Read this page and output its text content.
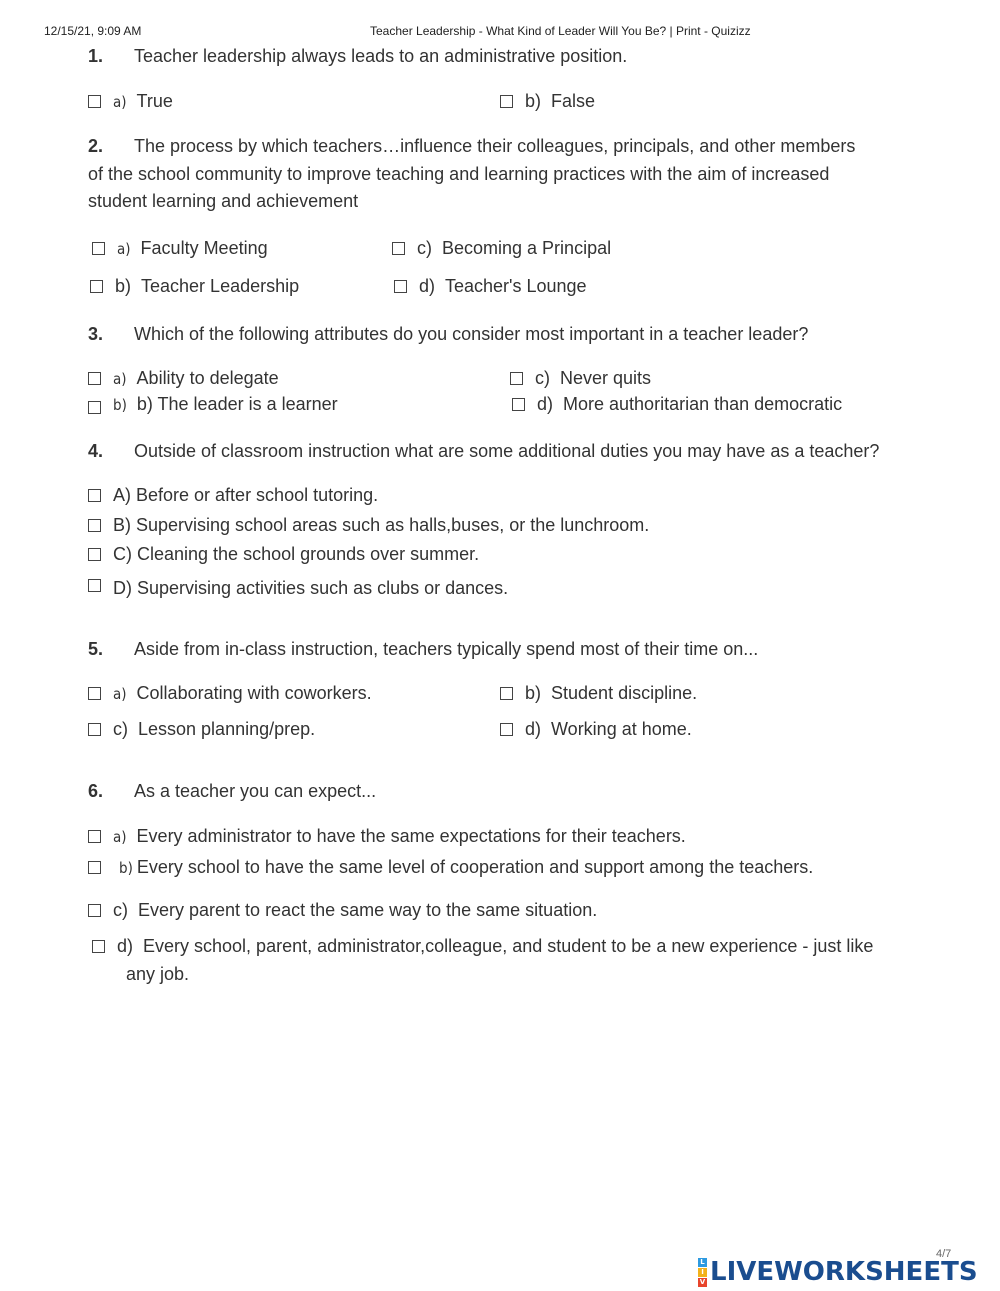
12/15/21, 9:09 AM	Teacher Leadership - What Kind of Leader Will You Be? | Print - Quizizz
1. Teacher leadership always leads to an administrative position.
a) True	b) False
2. The process by which teachers…influence their colleagues, principals, and other members
of the school community to improve teaching and learning practices with the aim of increased
student learning and achievement
a) Faculty Meeting	c) Becoming a Principal
b) Teacher Leadership	d) Teacher's Lounge
3. Which of the following attributes do you consider most important in a teacher leader?
a) Ability to delegate	c) Never quits
b) b) The leader is a learner	d) More authoritarian than democratic
4. Outside of classroom instruction what are some additional duties you may have as a teacher?
A) Before or after school tutoring.
B) Supervising school areas such as halls,buses, or the lunchroom.
C) Cleaning the school grounds over summer.
D) Supervising activities such as clubs or dances.
5. Aside from in-class instruction, teachers typically spend most of their time on...
a) Collaborating with coworkers.	b) Student discipline.
c) Lesson planning/prep.	d) Working at home.
6. As a teacher you can expect...
a) Every administrator to have the same expectations for their teachers.
b) Every school to have the same level of cooperation and support among the teachers.
c) Every parent to react the same way to the same situation.
d) Every school, parent, administrator,colleague, and student to be a new experience - just like
any job.
4/7
L
I
V LIVEWORKSHEETS
